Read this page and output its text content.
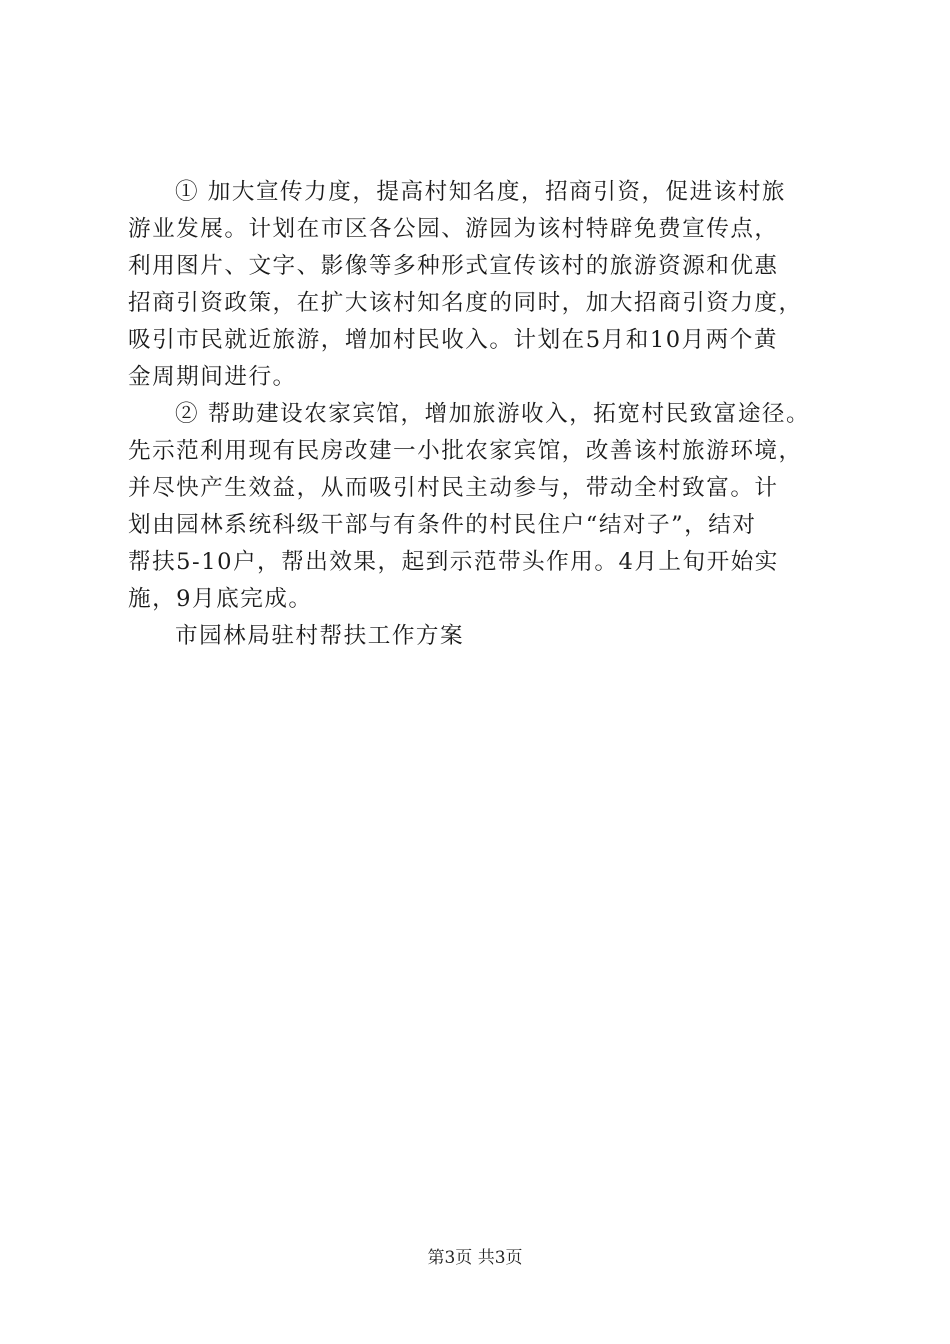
① 加大宣传力度，提高村知名度，招商引资，促进该村旅
游业发展。计划在市区各公园、游园为该村特辟免费宣传点，
利用图片、文字、影像等多种形式宣传该村的旅游资源和优惠
招商引资政策，在扩大该村知名度的同时，加大招商引资力度，
吸引市民就近旅游，增加村民收入。计划在5月和10月两个黄
金周期间进行。
② 帮助建设农家宾馆，增加旅游收入，拓宽村民致富途径。
先示范利用现有民房改建一小批农家宾馆，改善该村旅游环境，
并尽快产生效益，从而吸引村民主动参与，带动全村致富。计
划由园林系统科级干部与有条件的村民住户“结对子”，结对
帮扶5-10户，帮出效果，起到示范带头作用。4月上旬开始实
施，9月底完成。
市园林局驻村帮扶工作方案
第3页 共3页
